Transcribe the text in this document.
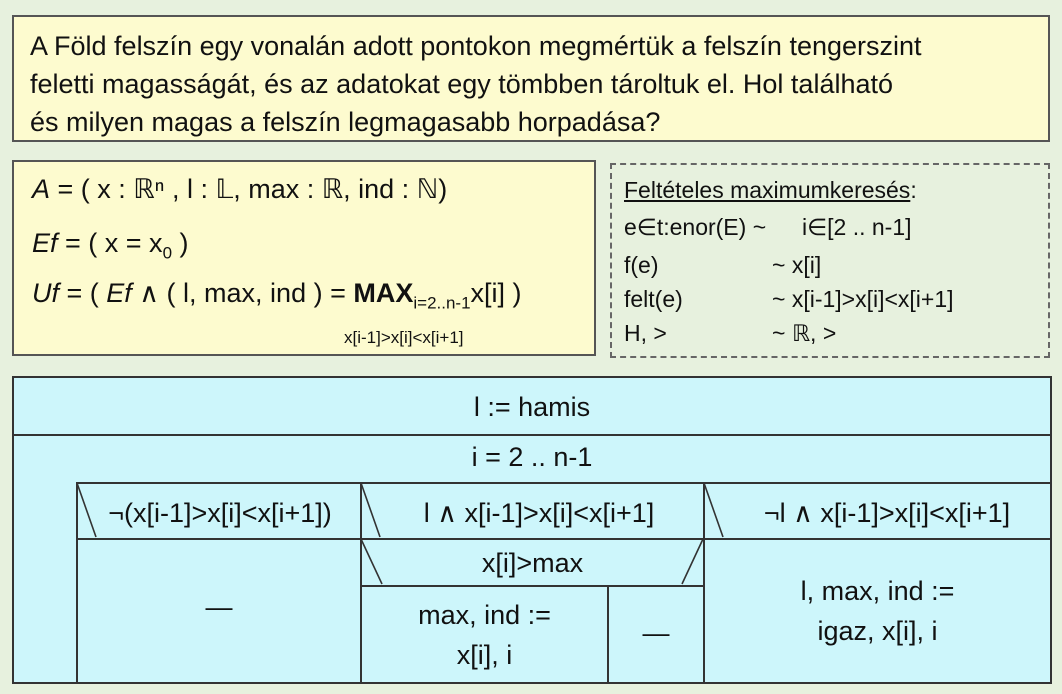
A Föld felszín egy vonalán adott pontokon megmértük a felszín tengerszint
feletti magasságát, és az adatokat egy tömbben tároltuk el. Hol található
és milyen magas a felszín legmagasabb horpadása?
A = ( x : ℝⁿ , l : 𝕃, max : ℝ, ind : ℕ)
Ef = ( $x = x_0$ )
Uf = ( Ef ∧ ( l, max, ind ) = $MAX_{i=2..n-1}x[i]$ )
x[i-1]>x[i]<x[i+1]
Feltételes maximumkeresés:
e∈t:enor(E) ~ i∈[2 .. n-1]
f(e)	~ x[i]
felt(e)	~ x[i-1]>x[i]<x[i+1]
H, >	~ ℝ, >
l := hamis
i = 2 .. n-1
¬(x[i-1]>x[i]<x[i+1])	l ∧ x[i-1]>x[i]<x[i+1]	¬l ∧ x[i-1]>x[i]<x[i+1]
—
x[i]>max
max, ind :=
x[i], i
—
l, max, ind :=
igaz, x[i], i
